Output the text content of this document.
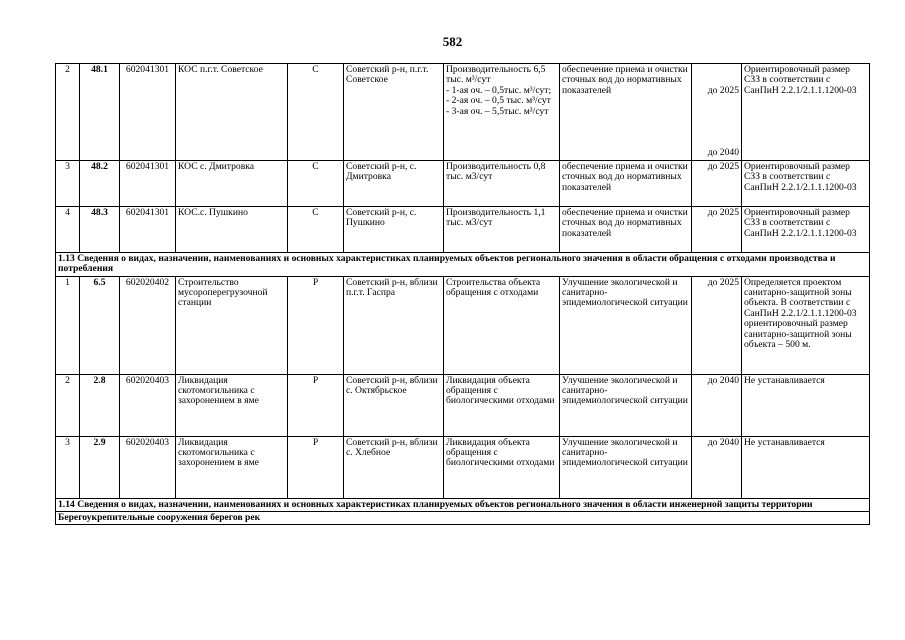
582
2	48.1	602041301	КОС п.г.т. Советское	С	Советский р-н, п.г.т. Советское	Производительность 6,5 тыс. м³/сут
- 1-ая оч. – 0,5тыс. м³/сут;
- 2-ая оч. – 0,5 тыс. м³/сут
- 3-ая оч. – 5,5тыс. м³/сут	обеспечение приема и очистки сточных вод до нормативных показателей	до 2025
до 2040	Ориентировочный размер СЗЗ в соответствии с СанПиН 2.2.1/2.1.1.1200-03
3	48.2	602041301	КОС с. Дмитровка	С	Советский р-н, с. Дмитровка	Производительность 0,8 тыс. м3/сут	обеспечение приема и очистки сточных вод до нормативных показателей	до 2025	Ориентировочный размер СЗЗ в соответствии с СанПиН 2.2.1/2.1.1.1200-03
4	48.3	602041301	КОС.с. Пушкино	С	Советский р-н, с. Пушкино	Производительность 1,1 тыс. м3/сут	обеспечение приема и очистки сточных вод до нормативных показателей	до 2025	Ориентировочный размер СЗЗ в соответствии с СанПиН 2.2.1/2.1.1.1200-03
1.13 Сведения о видах, назначении, наименованиях и основных характеристиках планируемых объектов регионального значения в области обращения с отходами производства и потребления									
1	6.5	602020402	Строительство мусороперегрузочной станции	Р	Советский р-н, вблизи п.г.т. Гаспра	Строительства объекта обращения с отходами	Улучшение экологической и санитарно-эпидемиологической ситуации	до 2025	Определяется проектом санитарно-защитной зоны объекта. В соответствии с СанПиН 2.2.1/2.1.1.1200-03 ориентировочный размер санитарно-защитной зоны объекта – 500 м.
2	2.8	602020403	Ликвидация скотомогильника с захоронением в яме	Р	Советский р-н, вблизи с. Октябрьское	Ликвидация объекта обращения с биологическими отходами	Улучшение экологической и санитарно-эпидемиологической ситуации	до 2040	Не устанавливается
3	2.9	602020403	Ликвидация скотомогильника с захоронением в яме	Р	Советский р-н, вблизи с. Хлебное	Ликвидация объекта обращения с биологическими отходами	Улучшение экологической и санитарно-эпидемиологической ситуации	до 2040	Не устанавливается
1.14 Сведения о видах, назначении, наименованиях и основных характеристиках планируемых объектов регионального значения в области инженерной защиты территории									
Берегоукрепительные сооружения берегов рек									
